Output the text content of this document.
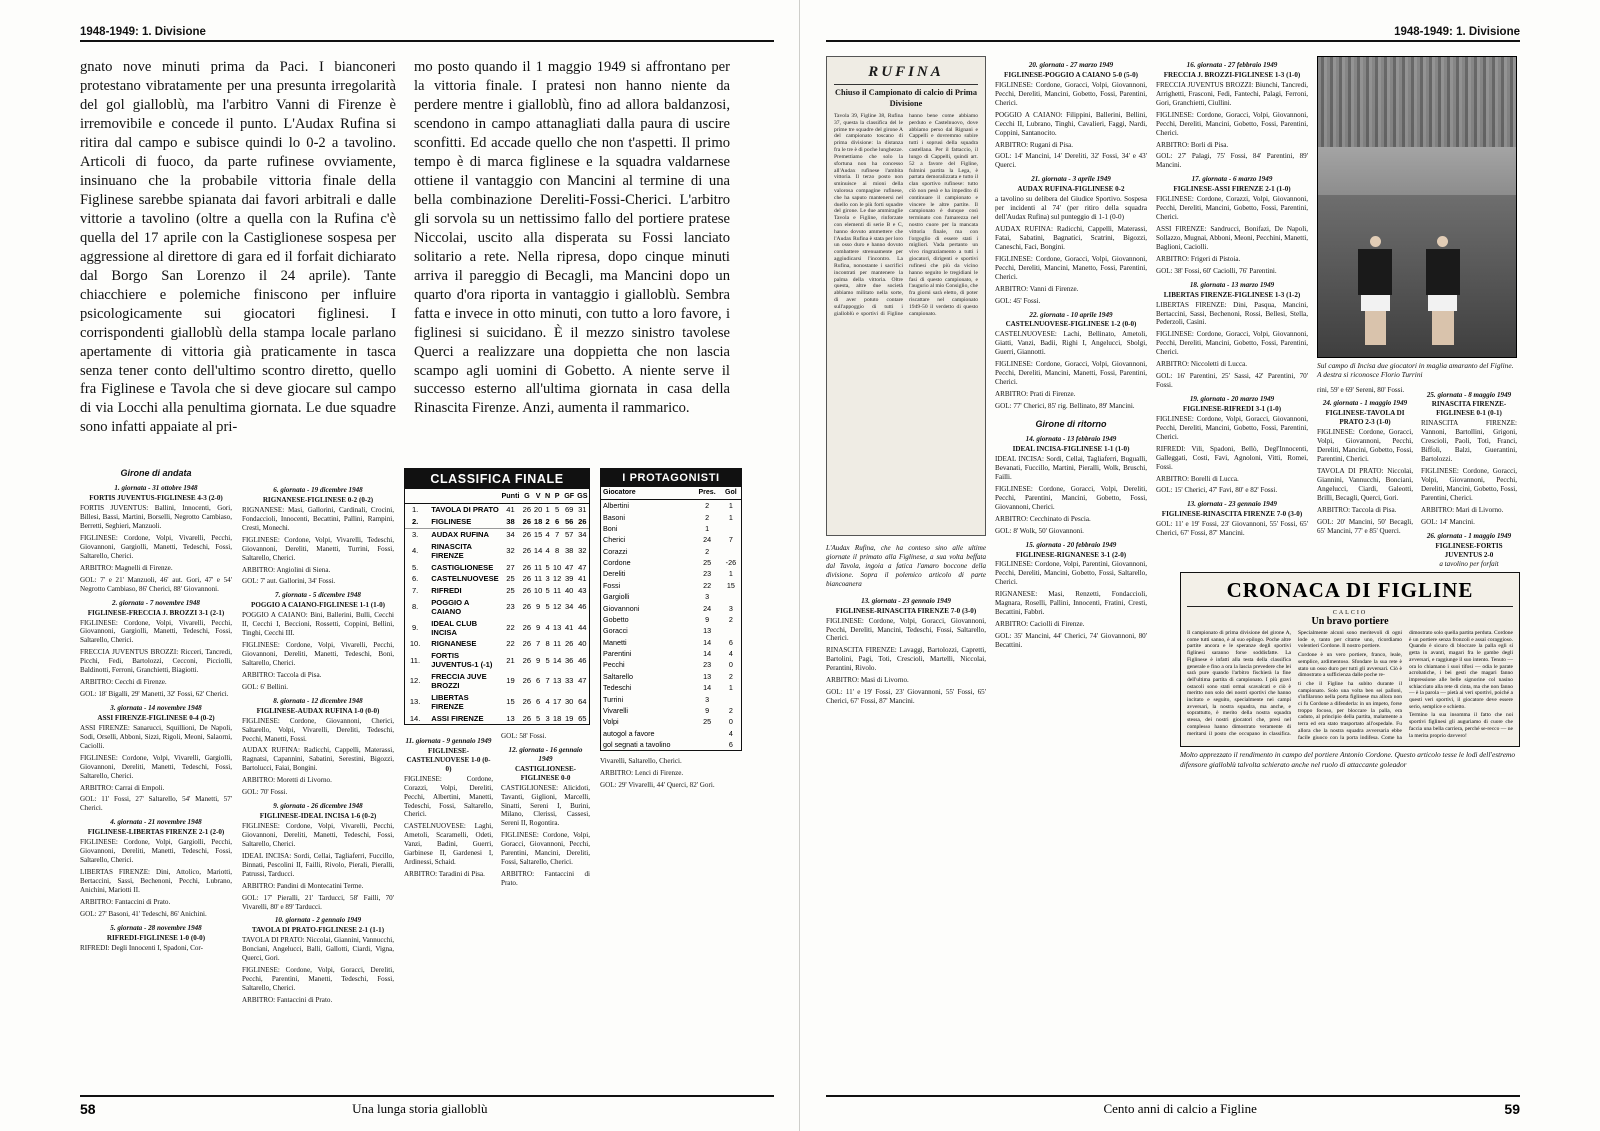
1948-1949: 1. Divisione

gnato nove minuti prima da Paci. I bianconeri protestano vibratamente per una presunta irregolarità del gol gialloblù, ma l'arbitro Vanni di Firenze è irremovibile e concede il punto. L'Audax Rufina si ritira dal campo e subisce quindi lo 0-2 a tavolino. Articoli di fuoco, da parte rufinese ovviamente, insinuano che la probabile vittoria finale della Figlinese sarebbe spianata dai favori arbitrali e dalle vittorie a tavolino (oltre a quella con la Rufina c'è quella del 17 aprile con la Castiglionese sospesa per aggressione al direttore di gara ed il forfait dichiarato dal Borgo San Lorenzo il 24 aprile). Tante chiacchiere e polemiche finiscono per influire psicologicamente sui giocatori figlinesi. I corrispondenti gialloblù della stampa locale parlano apertamente di vittoria già praticamente in tasca senza tener conto dell'ultimo scontro diretto, quello fra Figlinese e Tavola che si deve giocare sul campo di via Locchi alla penultima giornata. Le due squadre sono infatti appaiate al pri-

mo posto quando il 1 maggio 1949 si affrontano per la vittoria finale. I pratesi non hanno niente da perdere mentre i gialloblù, fino ad allora baldanzosi, scendono in campo attanagliati dalla paura di uscire sconfitti. Ed accade quello che non t'aspetti. Il primo tempo è di marca figlinese e la squadra valdarnese ottiene il vantaggio con Mancini al termine di una bella combinazione Dereliti-Fossi-Cherici. L'arbitro gli sorvola su un nettissimo fallo del portiere pratese Niccolai, uscito alla disperata su Fossi lanciato solitario a rete. Nella ripresa, dopo cinque minuti arriva il pareggio di Becagli, ma Mancini dopo un quarto d'ora riporta in vantaggio i gialloblù. Sembra fatta e invece in otto minuti, con tutto a loro favore, i figlinesi si suicidano. È il mezzo sinistro tavolese Querci a realizzare una doppietta che non lascia scampo agli uomini di Gobetto. A niente serve il successo esterno all'ultima giornata in casa della Rinascita Firenze. Anzi, aumenta il rammarico.

Girone di andata
1. giornata - 31 ottobre 1948
FORTIS JUVENTUS-FIGLINESE 4-3 (2-0)

FORTIS JUVENTUS: Ballini, Innocenti, Gori, Billesi, Bassi, Martini, Borselli, Negrotto Cambiaso, Berretti, Seghieri, Manzuoli.

FIGLINESE: Cordone, Volpi, Vivarelli, Pecchi, Giovannoni, Gargiolli, Manetti, Tedeschi, Fossi, Saltarello, Cherici.

ARBITRO: Magnelli di Firenze.

GOL: 7' e 21' Manzuoli, 46' aut. Gori, 47' e 54' Negrotto Cambiaso, 86' Cherici, 88' Giovannoni.

2. giornata - 7 novembre 1948
FIGLINESE-FRECCIA J. BROZZI 3-1 (2-1)

FIGLINESE: Cordone, Volpi, Vivarelli, Pecchi, Giovannoni, Gargiolli, Manetti, Tedeschi, Fossi, Saltarello, Cherici.

FRECCIA JUVENTUS BROZZI: Ricceri, Tancredi, Picchi, Fedi, Bartolozzi, Cecconi, Picciolli, Baldinotti, Ferroni, Granchietti, Biagiotti.

ARBITRO: Cecchi di Firenze.

GOL: 18' Bigalli, 29' Manetti, 32' Fossi, 62' Cherici.

3. giornata - 14 novembre 1948
ASSI FIRENZE-FIGLINESE 0-4 (0-2)

ASSI FIRENZE: Sanarucci, Squillioni, De Napoli, Sodi, Orselli, Abboni, Sizzi, Rigoli, Meoni, Salaorni, Caciolli.

FIGLINESE: Cordone, Volpi, Vivarelli, Gargiolli, Giovannoni, Dereliti, Manetti, Tedeschi, Fossi, Saltarello, Cherici.

ARBITRO: Carrai di Empoli.

GOL: 11' Fossi, 27' Saltarello, 54' Manetti, 57' Cherici.

4. giornata - 21 novembre 1948
FIGLINESE-LIBERTAS FIRENZE 2-1 (2-0)

FIGLINESE: Cordone, Volpi, Gargiolli, Pecchi, Giovannoni, Dereliti, Manetti, Tedeschi, Fossi, Saltarello, Cherici.

LIBERTAS FIRENZE: Dini, Attolico, Mariotti, Bertaccini, Sassi, Bechenoni, Pecchi, Lubrano, Anichini, Mariotti II.

ARBITRO: Fantaccini di Prato.

GOL: 27' Basoni, 41' Tedeschi, 86' Anichini.

5. giornata - 28 novembre 1948
RIFREDI-FIGLINESE 1-0 (0-0)

RIFREDI: Degli Innocenti I, Spadoni, Cor-

6. giornata - 19 dicembre 1948
RIGNANESE-FIGLINESE 0-2 (0-2)

RIGNANESE: Masi, Gallorini, Cardinali, Crocini, Fondaccioli, Innocenti, Becattini, Pallini, Rampini, Cresti, Monechi.

FIGLINESE: Cordone, Volpi, Vivarelli, Tedeschi, Giovannoni, Dereliti, Manetti, Turrini, Fossi, Saltarello, Cherici.

ARBITRO: Angiolini di Siena.

GOL: 7' aut. Gallorini, 34' Fossi.

7. giornata - 5 dicembre 1948
POGGIO A CAIANO-FIGLINESE 1-1 (1-0)

POGGIO A CAIANO: Bini, Ballerini, Bulli, Cecchi II, Cecchi I, Beccioni, Rossetti, Coppini, Bellini, Tinghi, Cecchi III.

FIGLINESE: Cordone, Volpi, Vivarelli, Pecchi, Giovannoni, Dereliti, Manetti, Tedeschi, Boni, Saltarello, Cherici.

ARBITRO: Taccola di Pisa.

GOL: 6' Bellini.

8. giornata - 12 dicembre 1948
FIGLINESE-AUDAX RUFINA 1-0 (0-0)

FIGLINESE: Cordone, Giovannoni, Cherici, Saltarello, Volpi, Vivarelli, Dereliti, Tedeschi, Pecchi, Manetti, Fossi.

AUDAX RUFINA: Radicchi, Cappelli, Materassi, Ragnatsi, Capannini, Sabatini, Serestini, Bigozzi, Bartolucci, Faiai, Bongini.

ARBITRO: Moretti di Livorno.

GOL: 70' Fossi.

9. giornata - 26 dicembre 1948
FIGLINESE-IDEAL INCISA 1-6 (0-2)

FIGLINESE: Cordone, Volpi, Vivarelli, Pecchi, Giovannoni, Dereliti, Manetti, Tedeschi, Fossi, Saltarello, Cherici.

IDEAL INCISA: Sordi, Cellai, Tagliaferri, Fuccillo, Binnati, Pescolini II, Failli, Rivolo, Pierali, Pieralli, Patrussi, Tarducci.

ARBITRO: Pandini di Montecatini Terme.

GOL: 17' Pieralli, 21' Tarducci, 58' Failli, 70' Vivarelli, 80' e 89' Tarducci.

10. giornata - 2 gennaio 1949
TAVOLA DI PRATO-FIGLINESE 2-1 (1-1)

TAVOLA DI PRATO: Niccolai, Giannini, Vannucchi, Bonciani, Angelucci, Balli, Gallotti, Ciardi, Vigna, Querci, Gori.

FIGLINESE: Cordone, Volpi, Goracci, Dereliti, Pecchi, Parentini, Manetti, Tedeschi, Fossi, Saltarello, Cherici.

ARBITRO: Fantaccini di Prato.

CLASSIFICA FINALE
		Punti	G	V	N	P	GF	GS
1.	TAVOLA DI PRATO	41	26	20	1	5	69	31
2.	FIGLINESE	38	26	18	2	6	56	26
3.	AUDAX RUFINA	34	26	15	4	7	57	34
4.	RINASCITA FIRENZE	32	26	14	4	8	38	32
5.	CASTIGLIONESE	27	26	11	5	10	47	47
6.	CASTELNUOVESE	25	26	11	3	12	39	41
7.	RIFREDI	25	26	10	5	11	40	43
8.	POGGIO A CAIANO	23	26	9	5	12	34	46
9.	IDEAL CLUB INCISA	22	26	9	4	13	41	44
10.	RIGNANESE	22	26	7	8	11	26	40
11.	FORTIS JUVENTUS-1 (-1)	21	26	9	5	14	36	46
12.	FRECCIA JUVE BROZZI	19	26	6	7	13	33	47
13.	LIBERTAS FIRENZE	15	26	6	4	17	30	64
14.	ASSI FIRENZE	13	26	5	3	18	19	65
11. giornata - 9 gennaio 1949
FIGLINESE-CASTELNUOVESE 1-0 (0-0)

FIGLINESE: Cordone, Corazzi, Volpi, Dereliti, Pecchi, Albertini, Manetti, Tedeschi, Fossi, Saltarello, Cherici.

CASTELNUOVESE: Laghi, Ametoli, Scaramelli, Odeti, Vanzi, Badini, Guerri, Garbinese II, Gardenesi I, Ardinessi, Schaid.

ARBITRO: Taradini di Pisa.

GOL: 58' Fossi.

12. giornata - 16 gennaio 1949
CASTIGLIONESE-FIGLINESE 0-0

CASTIGLIONESE: Alicidoti, Tavanti, Giglioni, Marcelli, Sinatti, Sereni I, Burini, Milano, Clerissi, Cassesi, Sereni II, Rogontira.

FIGLINESE: Cordone, Volpi, Goracci, Giovannoni, Pecchi, Parentini, Mancini, Dereliti, Fossi, Saltarello, Cherici.

ARBITRO: Fantaccini di Prato.

I PROTAGONISTI
Giocatore	Pres.	Gol
Albertini	2	1
Basoni	2	1
Boni	1	
Cherici	24	7
Corazzi	2	
Cordone	25	-26
Dereliti	23	1
Fossi	22	15
Gargiolli	3	
Giovannoni	24	3
Gobetto	9	2
Goracci	13	
Manetti	14	6
Parentini	14	4
Pecchi	23	0
Saltarello	13	2
Tedeschi	14	1
Turrini	3	
Vivarelli	9	2
Volpi	25	0
autogol a favore		4
gol segnati a tavolino		6

Vivarelli, Saltarello, Cherici.

ARBITRO: Lenci di Firenze.

GOL: 29' Vivarelli, 44' Querci, 82' Gori.

58	Una lunga storia gialloblù
1948-1949: 1. Divisione
RUFINA
Chiuso il Campionato di calcio di Prima Divisione
Tavola 39, Figline 38, Rufina 37, questa la classifica del le prime tre squadre del girone A del campionato toscano di prima divisione: la distanza fra le tre è di poche lunghezze. Premettiamo che solo la sfortuna non ha concesso all'Audax rufinese l'ambita vittoria. Il terzo posto non sminuisce ai mioni della valorosa compagine rufinese, che ha saputo mantenersi nel duello con le più forti squadre del girone. Le due ammiraglie Tavola e Figline, rinforzate con elementi di serie B e C, hanno dovuto ammettere che l'Audax Rufina è stata per loro un osso duro e hanno dovuto combattere strenuamente per aggiudicarsi l'incontro. La Rufina, nonostante i sacrifici incontrati per mantenere la palma della vittoria. Oltre questa, altre due società abbiamo militato nella sorte, di aver potuto contare sull'appoggio di tutti i gialloblù e sportivi di Figline hanno bene come abbiamo perduto e Castelnuovo, dove abbiamo perso dal Rignani e Cappelli e dovremmo subire tutti i soprusi della squadra castellana. Per il fattaccio, il lungo di Cappelli, quindi art. 52 a favore del Figline, fulmini partita la Lega, è partata demoralizzata e tutto il clan sportivo rufinese: tutto ciò non pesò e ha impedito di continuare il campionato e vincere le altre partite. Il campionato è dunque così terminato con l'amarezza nel nostro cuore per la mancata vittoria finale, ma con l'orgoglio di essere stati i migliori. Vada pertanto un vivo ringraziamento a tutti i giocatori, dirigenti e sportivi rufinesi che più da vicino hanno seguito le tregidiani le fasi di questo campionato, e l'augurio al mio Consiglio, che fra giorni sarà eletto, di poter riscattare nel campionato 1949-50 il verdetto di questo campionato.
L'Audax Rufina, che ha conteso sino alle ultime giornate il primato alla Figlinese, a sua volta beffata dal Tavola, ingoia a fatica l'amaro boccone della divisione. Sopra il polemico articolo di parte biancoanera
13. giornata - 23 gennaio 1949
FIGLINESE-RINASCITA FIRENZE 7-0 (3-0)

FIGLINESE: Cordone, Volpi, Goracci, Giovannoni, Pecchi, Dereliti, Mancini, Tedeschi, Fossi, Saltarello, Cherici.

RINASCITA FIRENZE: Lavaggi, Bartolozzi, Capretti, Bartolini, Pagi, Toti, Crescioli, Martelli, Niccolai, Perantini, Rivolo.

ARBITRO: Masi di Livorno.

GOL: 11' e 19' Fossi, 23' Giovannoni, 55' Fossi, 65' Cherici, 67' Fossi, 87' Mancini.

20. giornata - 27 marzo 1949
FIGLINESE-POGGIO A CAIANO 5-0 (5-0)

FIGLINESE: Cordone, Goracci, Volpi, Giovannoni, Pecchi, Dereliti, Mancini, Gobetto, Fossi, Parentini, Cherici.

POGGIO A CAIANO: Filippini, Ballerini, Bellini, Cecchi II, Lubrano, Tinghi, Cavalieri, Faggi, Nardi, Coppini, Santanocito.

ARBITRO: Rugani di Pisa.

GOL: 14' Mancini, 14' Dereliti, 32' Fossi, 34' e 43' Querci.

21. giornata - 3 aprile 1949
AUDAX RUFINA-FIGLINESE 0-2

a tavolino su delibera del Giudice Sportivo. Sospesa per incidenti al 74' (per ritiro della squadra dell'Audax Rufina) sul punteggio di 1-1 (0-0)

AUDAX RUFINA: Radicchi, Cappelli, Materassi, Fatai, Sabatini, Bagnatici, Scatrini, Bigozzi, Caneschi, Faci, Bongini.

FIGLINESE: Cordone, Goracci, Volpi, Giovannoni, Pecchi, Dereliti, Mancini, Manetto, Fossi, Parentini, Cherici.

ARBITRO: Vanni di Firenze.

GOL: 45' Fossi.

22. giornata - 10 aprile 1949
CASTELNUOVESE-FIGLINESE 1-2 (0-0)

CASTELNUOVESE: Lachi, Bellinato, Ametoli, Giatti, Vanzi, Badii, Righi I, Angelucci, Sbolgi, Guerri, Giannotti.

FIGLINESE: Cordone, Goracci, Volpi, Giovannoni, Pecchi, Dereliti, Mancini, Manetti, Fossi, Parentini, Cherici.

ARBITRO: Prati di Firenze.

GOL: 77' Cherici, 85' rig. Bellinato, 89' Mancini.

Girone di ritorno
14. giornata - 13 febbraio 1949
IDEAL INCISA-FIGLINESE 1-1 (1-0)

IDEAL INCISA: Sordi, Cellai, Tagliaferri, Bugualli, Bevanati, Fuccillo, Martini, Pieralli, Wolk, Bruschi, Failli.

FIGLINESE: Cordone, Goracci, Volpi, Dereliti, Pecchi, Parentini, Mancini, Gobetto, Fossi, Giovannoni, Cherici.

ARBITRO: Cecchinato di Pescia.

GOL: 8' Wolk, 50' Giovannoni.

15. giornata - 20 febbraio 1949
FIGLINESE-RIGNANESE 3-1 (2-0)

FIGLINESE: Cordone, Volpi, Parentini, Giovannoni, Pecchi, Dereliti, Mancini, Gobetto, Fossi, Saltarello, Cherici.

RIGNANESE: Masi, Renzetti, Fondaccioli, Magnara, Roselli, Pallini, Innocenti, Fratini, Cresti, Becattini, Fabbri.

ARBITRO: Caciolli di Firenze.

GOL: 35' Mancini, 44' Cherici, 74' Giovannoni, 80' Becattini.

16. giornata - 27 febbraio 1949
FRECCIA J. BROZZI-FIGLINESE 1-3 (1-0)

FRECCIA JUVENTUS BROZZI: Biunchi, Tancredi, Arrighetti, Frasconi, Fedi, Fantechi, Palagi, Ferroni, Gori, Granchietti, Ciullini.

FIGLINESE: Cordone, Goracci, Volpi, Giovannoni, Pecchi, Dereliti, Mancini, Gobetto, Fossi, Parentini, Cherici.

ARBITRO: Borli di Pisa.

GOL: 27' Palagi, 75' Fossi, 84' Parentini, 89' Mancini.

17. giornata - 6 marzo 1949
FIGLINESE-ASSI FIRENZE 2-1 (1-0)

FIGLINESE: Cordone, Corazzi, Volpi, Giovannoni, Pecchi, Dereliti, Mancini, Gobetto, Fossi, Parentini, Cherici.

ASSI FIRENZE: Sandrucci, Bonifazi, De Napoli, Sollazzo, Mugnai, Abboni, Meoni, Pecchini, Manetti, Baglioni, Caciolli.

ARBITRO: Frigeri di Pistoia.

GOL: 38' Fossi, 60' Caciolli, 76' Parentini.

18. giornata - 13 marzo 1949
LIBERTAS FIRENZE-FIGLINESE 1-3 (1-2)

LIBERTAS FIRENZE: Dini, Pasqua, Mancini, Bertaccini, Sassi, Bechenoni, Rossi, Bellesi, Stella, Pederzoli, Casini.

FIGLINESE: Cordone, Goracci, Volpi, Giovannoni, Pecchi, Dereliti, Mancini, Gobetto, Fossi, Parentini, Cherici.

ARBITRO: Niccoletti di Lucca.

GOL: 16' Parentini, 25' Sassi, 42' Parentini, 70' Fossi.

19. giornata - 20 marzo 1949
FIGLINESE-RIFREDI 3-1 (1-0)

FIGLINESE: Cordone, Volpi, Goracci, Giovannoni, Pecchi, Dereliti, Mancini, Gobetto, Fossi, Parentini, Cherici.

RIFREDI: Vili, Spadoni, Bellò, Degl'Innocenti, Galleggati, Costi, Favi, Agnoloni, Vitti, Romei, Fossi.

ARBITRO: Borelli di Lucca.

GOL: 15' Cherici, 47' Favi, 80' e 82' Fossi.

13. giornata - 23 gennaio 1949
FIGLINESE-RINASCITA FIRENZE 7-0 (3-0)

GOL: 11' e 19' Fossi, 23' Giovannoni, 55' Fossi, 65' Cherici, 67' Fossi, 87' Mancini.

Sul campo di Incisa due giocatori in maglia amaranto del Figline. A destra si riconosce Florio Turrini

rini, 59' e 69' Sereni, 80' Fossi.

24. giornata - 1 maggio 1949
FIGLINESE-TAVOLA DI PRATO 2-3 (1-0)

FIGLINESE: Cordone, Goracci, Volpi, Giovannoni, Pecchi, Dereliti, Mancini, Gobetto, Fossi, Parentini, Cherici.

TAVOLA DI PRATO: Niccolai, Giannini, Vannucchi, Bonciani, Angelucci, Ciardi, Galeotti, Brilli, Becagli, Querci, Gori.

ARBITRO: Taccola di Pisa.

GOL: 20' Mancini, 50' Becagli, 65' Mancini, 77' e 85' Querci.

25. giornata - 8 maggio 1949
RINASCITA FIRENZE-FIGLINESE 0-1 (0-1)

RINASCITA FIRENZE: Vannoni, Bartollini, Grigoni, Crescioli, Paoli, Toti, Franci, Biffoli, Balzi, Guerantini, Bartolozzi.

FIGLINESE: Cordone, Goracci, Volpi, Giovannoni, Pecchi, Dereliti, Mancini, Gobetto, Fossi, Parentini, Cherici.

ARBITRO: Mari di Livorno.

GOL: 14' Mancini.

26. giornata - 1 maggio 1949
FIGLINESE-FORTIS JUVENTUS 2-0

a tavolino per forfait

CRONACA DI FIGLINE
CALCIO
Un bravo portiere

Il campionato di prima divisione del girone A, come tutti sanno, è al suo epilogo. Poche altre partite ancora e le speranze degli sportivi figlinesi saranno forse soddisfatte. La Figlinese è infatti alla testa della classifica generale e fino a ora la lascia prevedere che lei sarà pure quando l'arbitro fischierà la fine dell'ultima partita di campionato. I più gravi ostacoli sono stati ormai scavalcati e ciò è meritto non solo dei nostri sportivi che hanno incitato e seguito, specialmente nei campi avversari, la nostra squadra, ma anche, e soprattutto, è merito della nostra squadra stessa, dei nostri giocatori che, presi nel complesso hanno dimostrato veramente di meritarsi il posto che occupano in classifica. Specialmente alcuni sono meritevoli di ogni lode e, tanto per citarne uno, ricordiamo volentieri Cordone. Il nostro portiere.

Cordone è un vero portiere, franco, leale, semplice, ardimentoso. Sfondare la sua rete è stato un osso duro per tutti gli avversari. Ciò è dimostrato a sufficienza dalle poche re-

ti che il Figline ha subito durante il campionato. Solo una volta ben sei palloni, s'infilarono nella porta figlinese ma allora non ci fu Cordone a difenderla: in un impeto, forse troppo focoso, per bloccare la palla, era caduto, al principio della partita, malamente a terra ed era stato trasportato all'ospedale. Fu allora che la nostra squadra avversaria ebbe facile giuoco con la porta indifesa. Come ha dimostrato solo quella partita perduta. Cordone è un portiere senza fronzoli e assai coraggioso. Quando è sicuro di bloccare la palla egli si getta in avanti, magari fra le gambe degli avversari, e raggiunge il suo intento. Tenuto — ora lo chiamano i suoi tifosi — odia le parate acrobatiche, i bei gesti che magari fanno impressione alle belle signorine col nasino schiacciato alla rete di cinta, ma che non fanno — è la parola — pietà ai veri sportivi, poiché a questi veri sportivi, il giocatore deve essere serio, semplice e schietto.

Termino la sua insomma il fatto che noi sportivi figlinesi gli auguriamo di cuore che faccia una bella carriera, perché se-recco — ne la merita proprio davvero!

Molto apprezzato il rendimento in campo del portiere Antonio Cordone. Questo articolo tesse le lodi dell'estremo difensore gialloblù talvolta schierato anche nel ruolo di attaccante goleador
Cento anni di calcio a Figline	59
